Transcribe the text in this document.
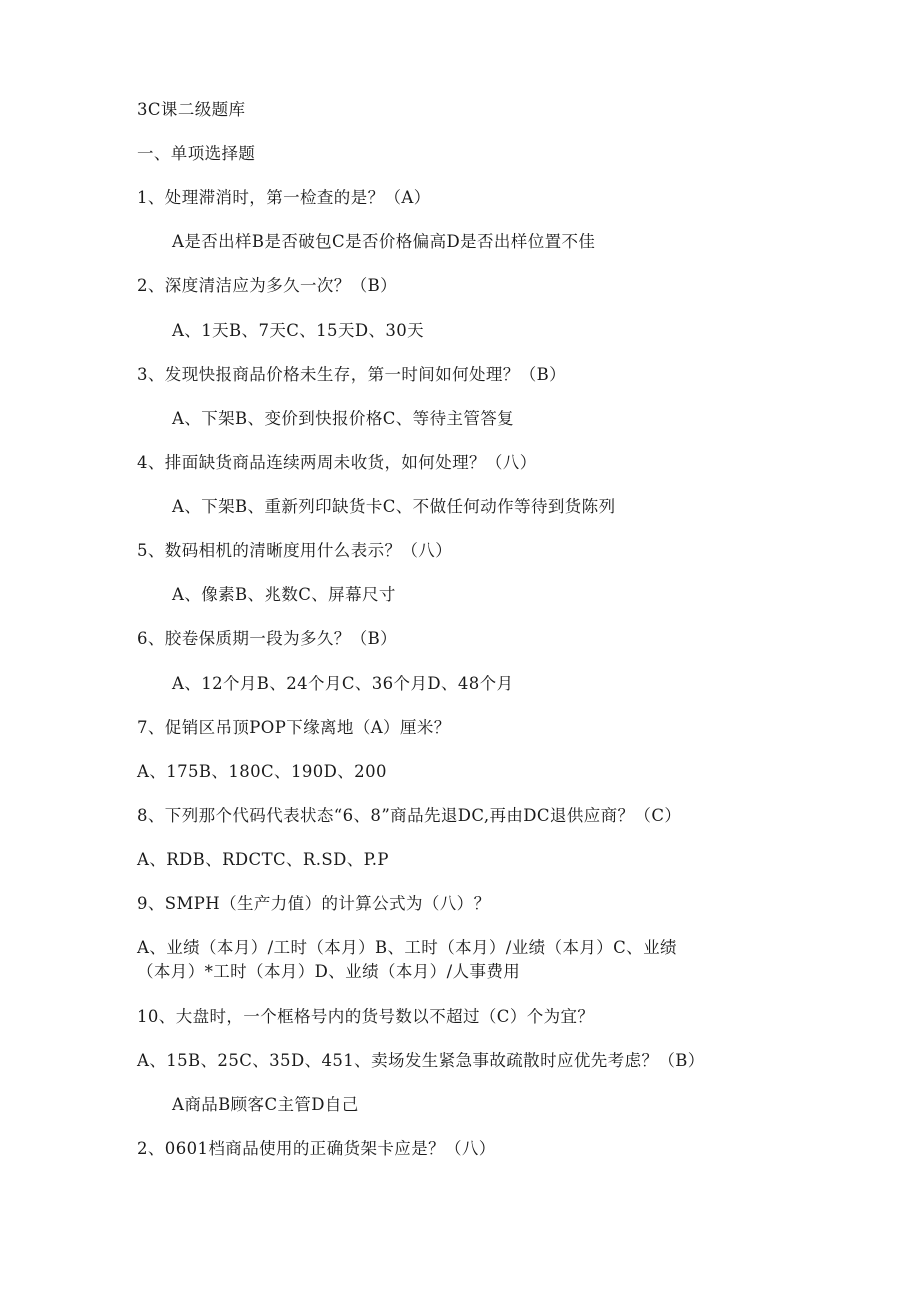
3C课二级题库
一、单项选择题
1、处理滞消时，第一检查的是？（A）
A是否出样B是否破包C是否价格偏高D是否出样位置不佳
2、深度清洁应为多久一次？（B）
A、1天B、7天C、15天D、30天
3、发现快报商品价格未生存，第一时间如何处理？（B）
A、下架B、变价到快报价格C、等待主管答复
4、排面缺货商品连续两周未收货，如何处理？（八）
A、下架B、重新列印缺货卡C、不做任何动作等待到货陈列
5、数码相机的清晰度用什么表示？（八）
A、像素B、兆数C、屏幕尺寸
6、胶卷保质期一段为多久？（B）
A、12个月B、24个月C、36个月D、48个月
7、促销区吊顶POP下缘离地（A）厘米？
A、175B、180C、190D、200
8、下列那个代码代表状态“6、8”商品先退DC,再由DC退供应商？（C）
A、RDB、RDCTC、R.SD、P.P
9、SMPH（生产力值）的计算公式为（八）？
A、业绩（本月）/工时（本月）B、工时（本月）/业绩（本月）C、业绩
（本月）*工时（本月）D、业绩（本月）/人事费用
10、大盘时，一个框格号内的货号数以不超过（C）个为宜？
A、15B、25C、35D、451、卖场发生紧急事故疏散时应优先考虑？（B）
A商品B顾客C主管D自己
2、0601档商品使用的正确货架卡应是？（八）
